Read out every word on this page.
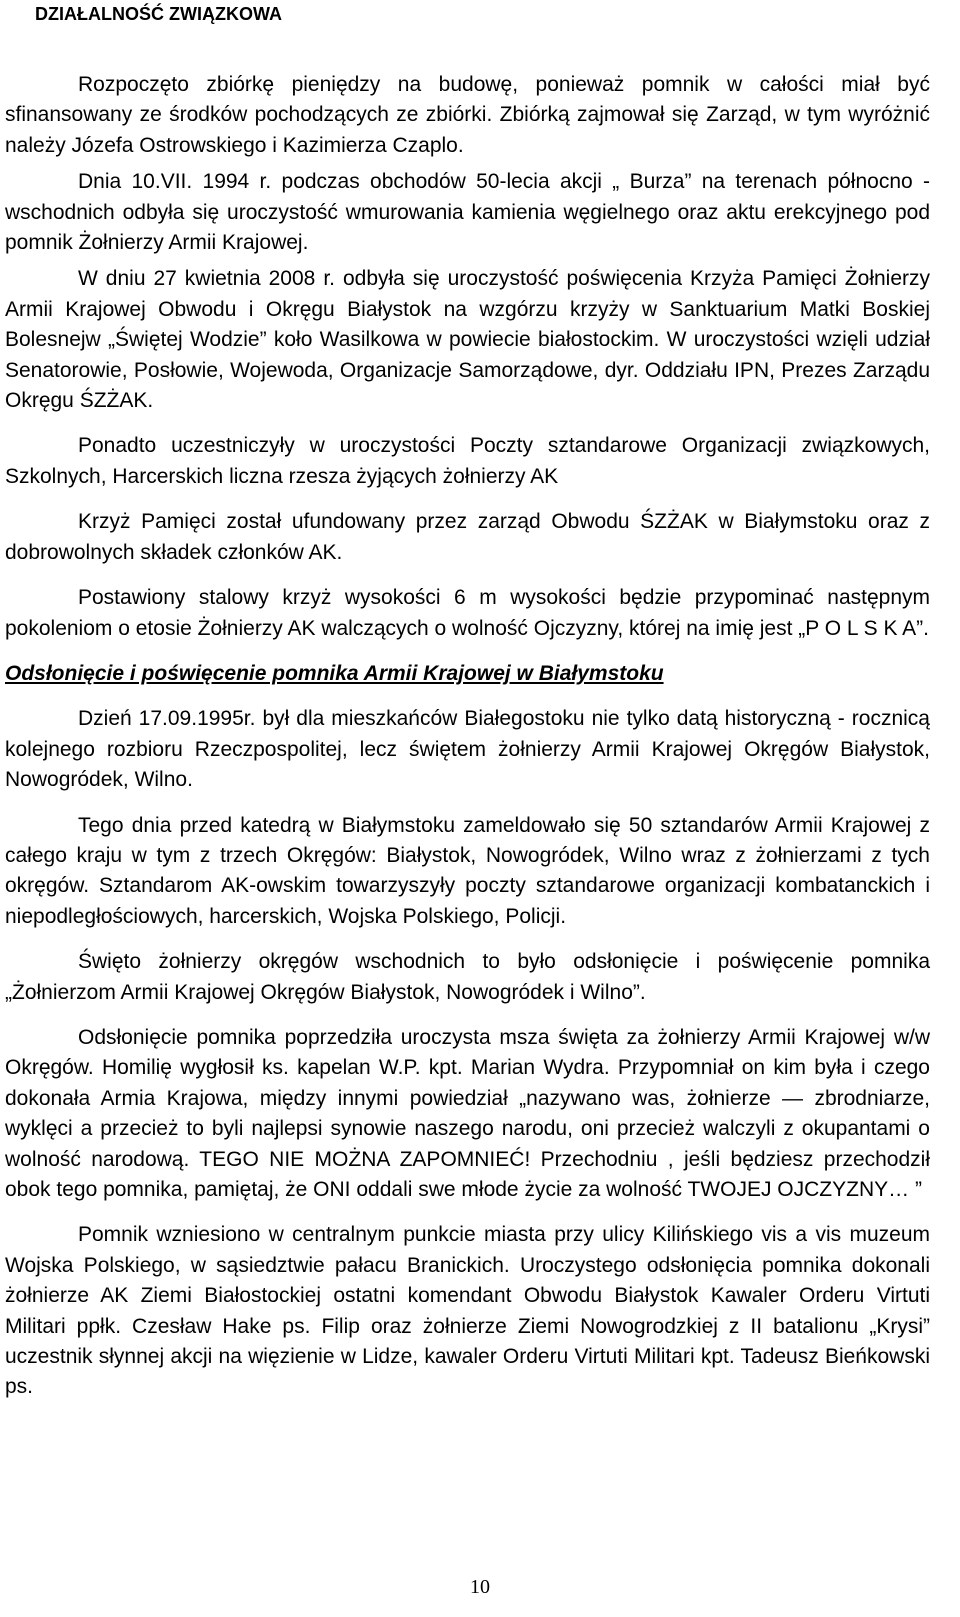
DZIAŁALNOŚĆ ZWIĄZKOWA

Rozpoczęto zbiórkę pieniędzy na budowę, ponieważ pomnik w całości miał być sfinansowany ze środków pochodzących ze zbiórki. Zbiórką zajmował się Zarząd, w tym wyróżnić należy Józefa Ostrowskiego i Kazimierza Czaplo.

Dnia 10.VII. 1994 r. podczas obchodów 50-lecia akcji „ Burza” na terenach północno - wschodnich odbyła się uroczystość wmurowania kamienia węgielnego oraz aktu erekcyjnego pod pomnik Żołnierzy Armii Krajowej.

W dniu 27 kwietnia 2008 r. odbyła się uroczystość poświęcenia Krzyża Pamięci Żołnierzy Armii Krajowej Obwodu i Okręgu Białystok na wzgórzu krzyży w Sanktuarium Matki Boskiej Bolesnejw „Świętej Wodzie” koło Wasilkowa w powiecie białostockim. W uroczystości wzięli udział Senatorowie, Posłowie, Wojewoda, Organizacje Samorządowe, dyr. Oddziału IPN, Prezes Zarządu Okręgu ŚZŻAK.

Ponadto uczestniczyły w uroczystości Poczty sztandarowe Organizacji związkowych, Szkolnych, Harcerskich liczna rzesza żyjących żołnierzy AK

Krzyż Pamięci został ufundowany przez zarząd Obwodu ŚZŻAK w Białymstoku oraz z dobrowolnych składek członków AK.

Postawiony stalowy krzyż wysokości 6 m wysokości będzie przypominać następnym pokoleniom o etosie Żołnierzy AK walczących o wolność Ojczyzny, której na imię jest „P O L S K A”.

Odsłonięcie i poświęcenie pomnika Armii Krajowej w Białymstoku

Dzień 17.09.1995r. był dla mieszkańców Białegostoku nie tylko datą historyczną - rocznicą kolejnego rozbioru Rzeczpospolitej, lecz świętem żołnierzy Armii Krajowej Okręgów Białystok, Nowogródek, Wilno.

Tego dnia przed katedrą w Białymstoku zameldowało się 50 sztandarów Armii Krajowej z całego kraju w tym z trzech Okręgów: Białystok, Nowogródek, Wilno wraz z żołnierzami z tych okręgów. Sztandarom AK-owskim towarzyszyły poczty sztandarowe organizacji kombatanckich i niepodległościowych, harcerskich, Wojska Polskiego, Policji.

Święto żołnierzy okręgów wschodnich to było odsłonięcie i poświęcenie pomnika „Żołnierzom Armii Krajowej Okręgów Białystok, Nowogródek i Wilno”.

Odsłonięcie pomnika poprzedziła uroczysta msza święta za żołnierzy Armii Krajowej w/w Okręgów. Homilię wygłosił ks. kapelan W.P. kpt. Marian Wydra. Przypomniał on kim była i czego dokonała Armia Krajowa, między innymi powiedział „nazywano was, żołnierze — zbrodniarze, wyklęci a przecież to byli najlepsi synowie naszego narodu, oni przecież walczyli z okupantami o wolność narodową. TEGO NIE MOŻNA ZAPOMNIEĆ! Przechodniu , jeśli będziesz przechodził obok tego pomnika, pamiętaj, że ONI oddali swe młode życie za wolność TWOJEJ OJCZYZNY… ”

Pomnik wzniesiono w centralnym punkcie miasta przy ulicy Kilińskiego vis a vis muzeum Wojska Polskiego, w sąsiedztwie pałacu Branickich. Uroczystego odsłonięcia pomnika dokonali żołnierze AK Ziemi Białostockiej ostatni komendant Obwodu Białystok Kawaler Orderu Virtuti Militari ppłk. Czesław Hake ps. Filip oraz żołnierze Ziemi Nowogrodzkiej z II batalionu „Krysi” uczestnik słynnej akcji na więzienie w Lidze, kawaler Orderu Virtuti Militari kpt. Tadeusz Bieńkowski ps.

10
